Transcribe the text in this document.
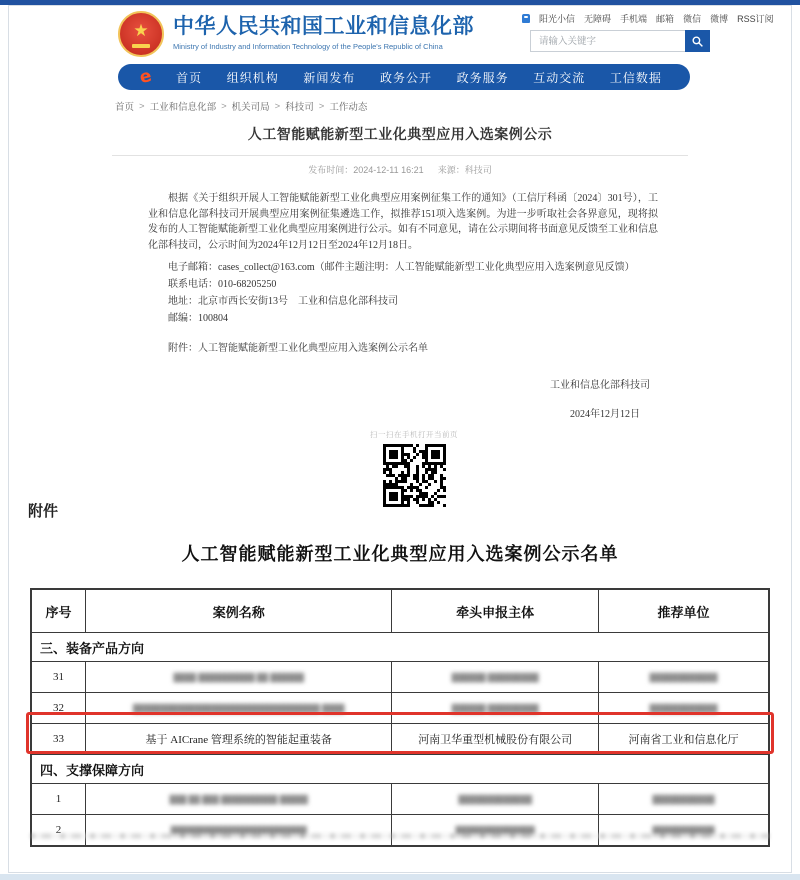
★ 中华人民共和国工业和信息化部
Ministry of Industry and Information Technology of the People's Republic of China
阳光小信 无障碍 手机端 邮箱 微信 微博 RSS订阅
请输入关键字
e 首页 组织机构 新闻发布 政务公开 政务服务 互动交流 工信数据
首页 > 工业和信息化部 > 机关司局 > 科技司 > 工作动态
人工智能赋能新型工业化典型应用入选案例公示
发布时间：2024-12-11 16:21 来源：科技司
根据《关于组织开展人工智能赋能新型工业化典型应用案例征集工作的通知》（工信厅科函〔2024〕301号），工业和信息化部科技司开展典型应用案例征集遴选工作，拟推荐151项入选案例。为进一步听取社会各界意见，现将拟发布的人工智能赋能新型工业化典型应用案例进行公示。如有不同意见，请在公示期间将书面意见反馈至工业和信息化部科技司，公示时间为2024年12月12日至2024年12月18日。
电子邮箱：cases_collect@163.com（邮件主题注明：人工智能赋能新型工业化典型应用入选案例意见反馈）
联系电话：010-68205250
地址：北京市西长安街13号　工业和信息化部科技司
邮编：100804
附件：人工智能赋能新型工业化典型应用入选案例公示名单
工业和信息化部科技司
2024年12月12日
扫一扫在手机打开当前页
附件
人工智能赋能新型工业化典型应用入选案例公示名单
序号	案例名称	牵头申报主体	推荐单位
三、装备产品方向			
31	████ ██████████ ██ ██████	██████ █████████	████████████
32	█████████████████████████████████ ████	██████ █████████	████████████
33	基于 AICrane 管理系统的智能起重装备	河南卫华重型机械股份有限公司	河南省工业和信息化厅
四、支撑保障方向			
1	███ ██ ███ ██████████ █████	█████████████	███████████
2	████████████████████████	██████████████	███████████
